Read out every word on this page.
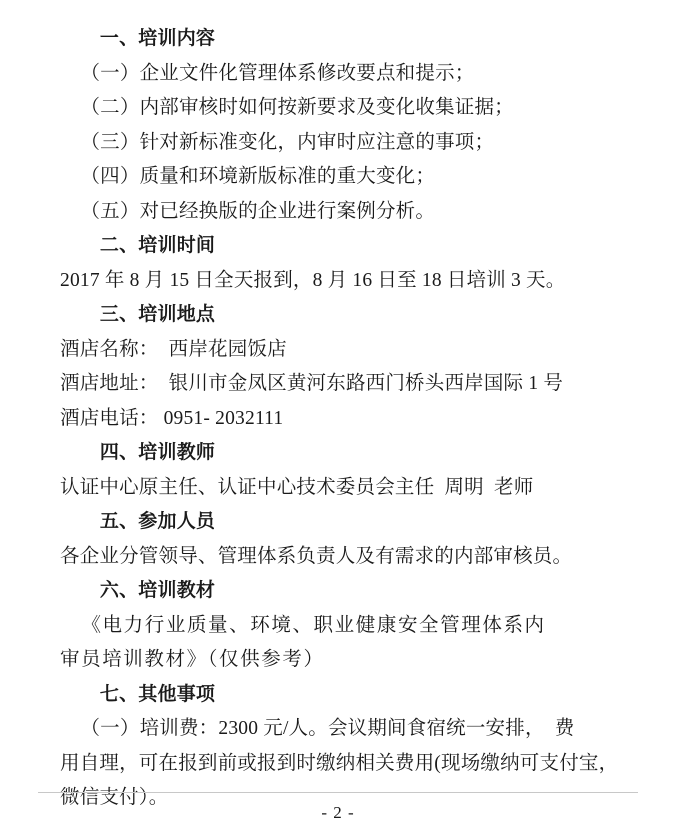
一、培训内容
（一）企业文件化管理体系修改要点和提示；
（二）内部审核时如何按新要求及变化收集证据；
（三）针对新标准变化，内审时应注意的事项；
（四）质量和环境新版标准的重大变化；
（五）对已经换版的企业进行案例分析。
二、培训时间
2017 年 8 月 15 日全天报到，8 月 16 日至 18 日培训 3 天。
三、培训地点
酒店名称：  西岸花园饭店
酒店地址：  银川市金凤区黄河东路西门桥头西岸国际 1 号
酒店电话： 0951- 2032111
四、培训教师
认证中心原主任、认证中心技术委员会主任  周明  老师
五、参加人员
各企业分管领导、管理体系负责人及有需求的内部审核员。
六、培训教材
《电力行业质量、环境、职业健康安全管理体系内
审员培训教材》（仅供参考）
七、其他事项
（一）培训费：2300 元/人。会议期间食宿统一安排，  费
用自理，可在报到前或报到时缴纳相关费用(现场缴纳可支付宝，
微信支付）。
- 2 -
